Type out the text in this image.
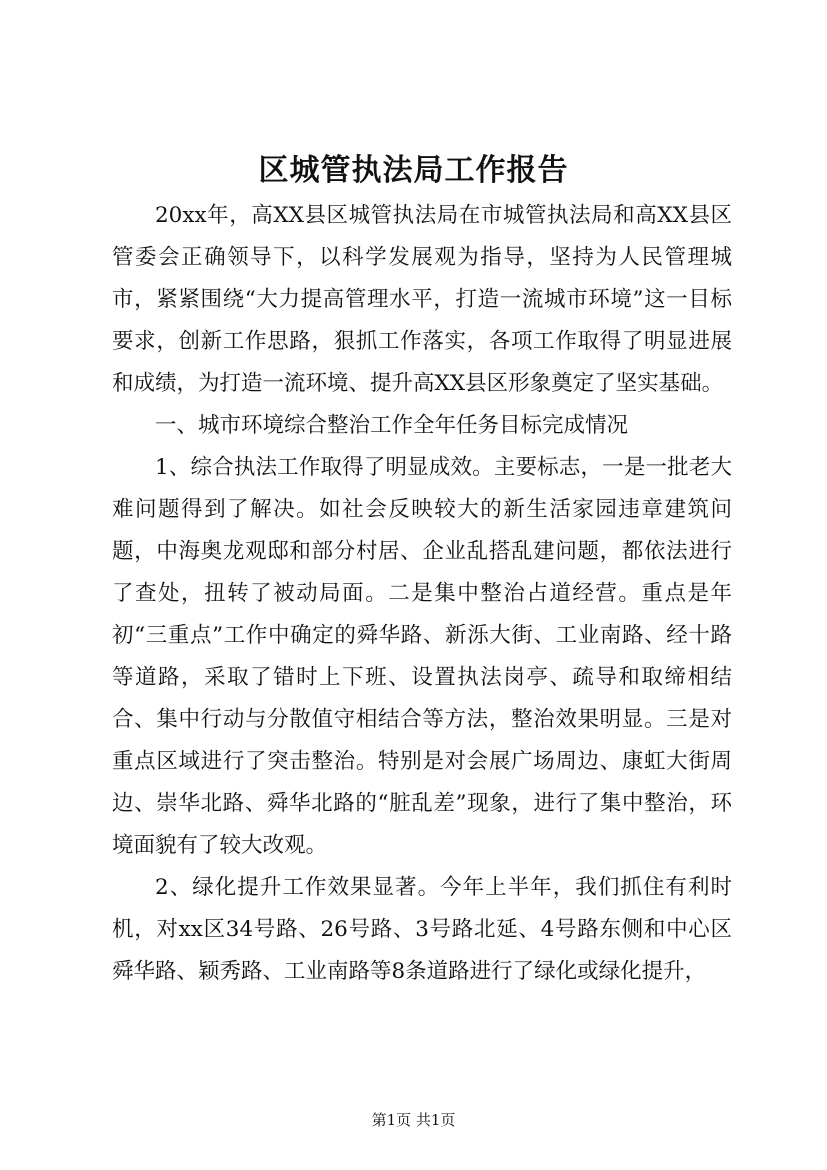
区城管执法局工作报告

20xx年，高XX县区城管执法局在市城管执法局和高XX县区管委会正确领导下，以科学发展观为指导，坚持为人民管理城市，紧紧围绕“大力提高管理水平，打造一流城市环境”这一目标要求，创新工作思路，狠抓工作落实，各项工作取得了明显进展和成绩，为打造一流环境、提升高XX县区形象奠定了坚实基础。

一、城市环境综合整治工作全年任务目标完成情况

1、综合执法工作取得了明显成效。主要标志，一是一批老大难问题得到了解决。如社会反映较大的新生活家园违章建筑问题，中海奥龙观邸和部分村居、企业乱搭乱建问题，都依法进行了查处，扭转了被动局面。二是集中整治占道经营。重点是年初“三重点”工作中确定的舜华路、新泺大街、工业南路、经十路等道路，采取了错时上下班、设置执法岗亭、疏导和取缔相结合、集中行动与分散值守相结合等方法，整治效果明显。三是对重点区域进行了突击整治。特别是对会展广场周边、康虹大街周边、崇华北路、舜华北路的“脏乱差”现象，进行了集中整治，环境面貌有了较大改观。

2、绿化提升工作效果显著。今年上半年，我们抓住有利时机，对xx区34号路、26号路、3号路北延、4号路东侧和中心区舜华路、颖秀路、工业南路等8条道路进行了绿化或绿化提升，

第1页 共1页
